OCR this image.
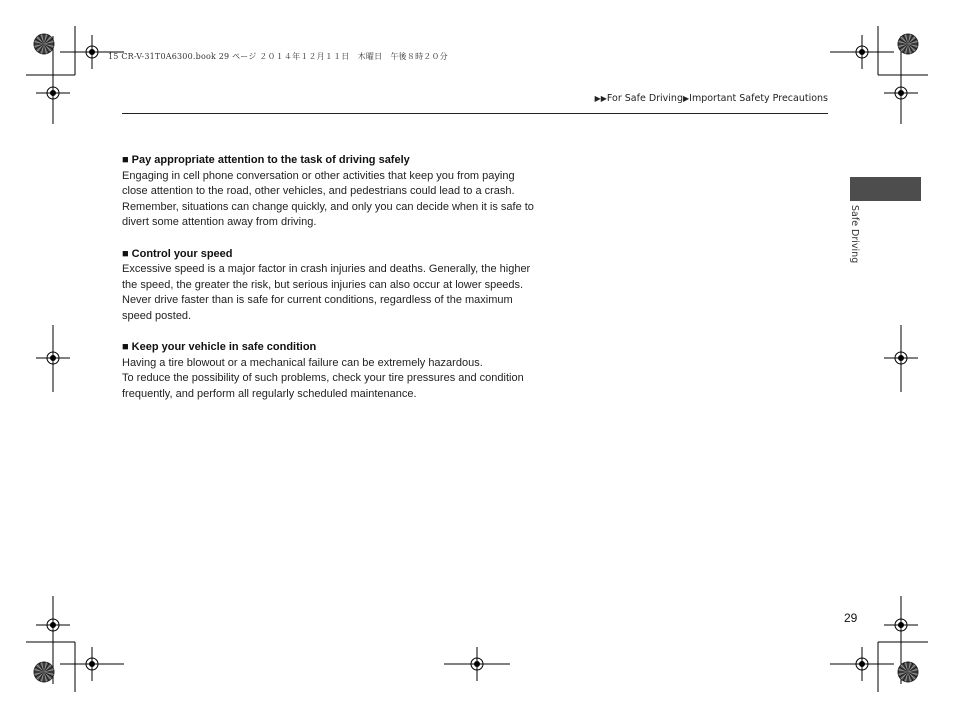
15 CR-V-31T0A6300.book 29 ページ ２０１４年１２月１１日　木曜日　午後８時２０分
▶▶For Safe Driving▶Important Safety Precautions
Safe Driving
■ Pay appropriate attention to the task of driving safely

Engaging in cell phone conversation or other activities that keep you from paying
close attention to the road, other vehicles, and pedestrians could lead to a crash.
Remember, situations can change quickly, and only you can decide when it is safe to
divert some attention away from driving.

■ Control your speed

Excessive speed is a major factor in crash injuries and deaths. Generally, the higher
the speed, the greater the risk, but serious injuries can also occur at lower speeds.
Never drive faster than is safe for current conditions, regardless of the maximum
speed posted.

■ Keep your vehicle in safe condition

Having a tire blowout or a mechanical failure can be extremely hazardous.
To reduce the possibility of such problems, check your tire pressures and condition
frequently, and perform all regularly scheduled maintenance.

29
